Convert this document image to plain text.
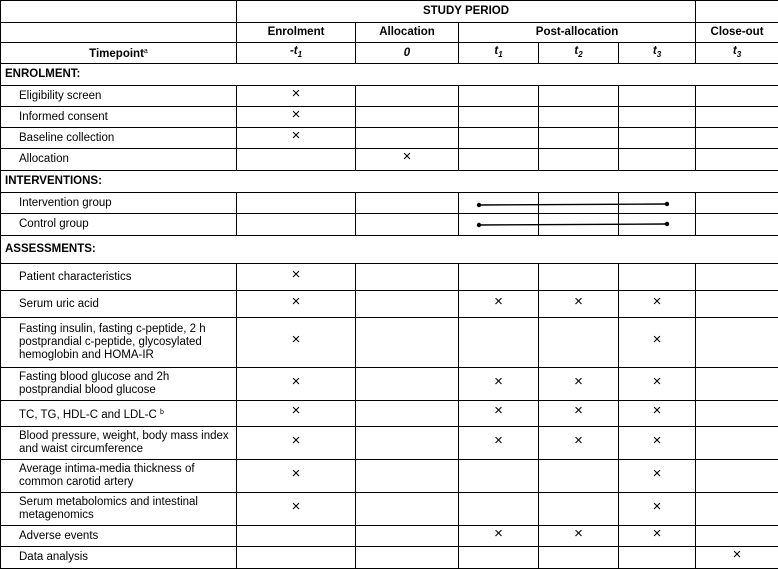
	STUDY PERIOD					
	Enrolment	Allocation	Post-allocation			Close-out
Timepoint$^a$	$-t_1$	0	$t_1$	$t_2$	$t_3$	$t_3$
ENROLMENT:						
Eligibility screen	×					
Informed consent	×					
Baseline collection	×					
Allocation		×				
INTERVENTIONS:						
Intervention group						
Control group						
ASSESSMENTS:						
Patient characteristics	×					
Serum uric acid	×		×	×	×	
Fasting insulin, fasting c-peptide, 2 h postprandial c-peptide, glycosylated hemoglobin and HOMA-IR	×				×	
Fasting blood glucose and 2h postprandial blood glucose	×		×	×	×	
TC, TG, HDL-C and LDL-C $^b$	×		×	×	×	
Blood pressure, weight, body mass index and waist circumference	×		×	×	×	
Average intima-media thickness of common carotid artery	×				×	
Serum metabolomics and intestinal metagenomics	×				×	
Adverse events			×	×	×	
Data analysis						×
